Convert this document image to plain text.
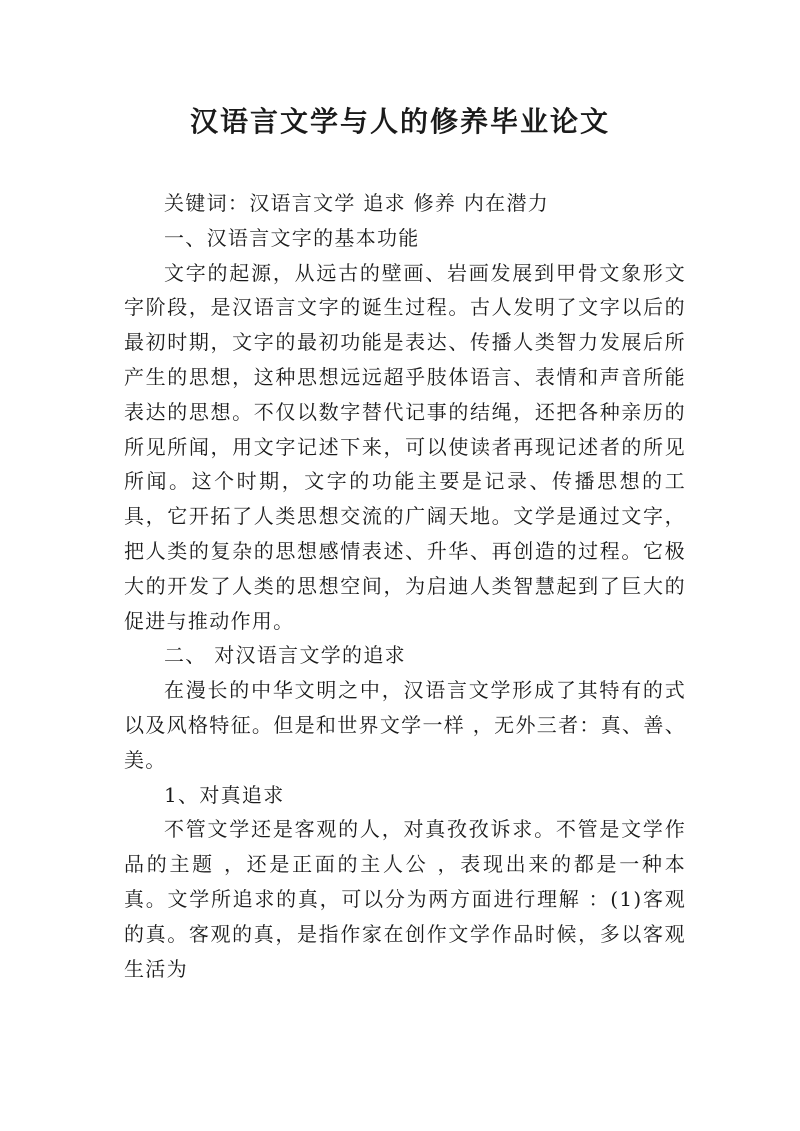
汉语言文学与人的修养毕业论文

关键词：汉语言文学 追求 修养 内在潜力

一、汉语言文字的基本功能

文字的起源，从远古的壁画、岩画发展到甲骨文象形文字阶段，是汉语言文字的诞生过程。古人发明了文字以后的最初时期，文字的最初功能是表达、传播人类智力发展后所产生的思想，这种思想远远超乎肢体语言、表情和声音所能表达的思想。不仅以数字替代记事的结绳，还把各种亲历的所见所闻，用文字记述下来，可以使读者再现记述者的所见所闻。这个时期，文字的功能主要是记录、传播思想的工具，它开拓了人类思想交流的广阔天地。文学是通过文字，把人类的复杂的思想感情表述、升华、再创造的过程。它极大的开发了人类的思想空间，为启迪人类智慧起到了巨大的促进与推动作用。

二、 对汉语言文学的追求

在漫长的中华文明之中，汉语言文学形成了其特有的式以及风格特征。但是和世界文学一样 ，无外三者：真、善、美。

1、对真追求

不管文学还是客观的人，对真孜孜诉求。不管是文学作品的主题 ，还是正面的主人公 ，表现出来的都是一种本真。文学所追求的真，可以分为两方面进行理解 ：(1)客观的真。客观的真，是指作家在创作文学作品时候，多以客观生活为
